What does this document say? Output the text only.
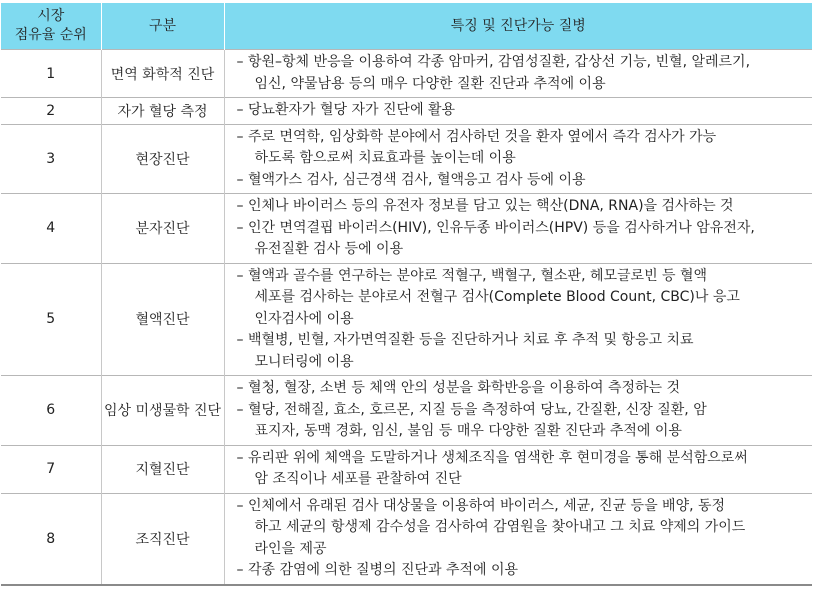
시장
점유율 순위	구분	특징 및 진단가능 질병
1	면역 화학적 진단	– 항원–항체 반응을 이용하여 각종 암마커, 감염성질환, 갑상선 기능, 빈혈, 알레르기,
임신, 약물남용 등의 매우 다양한 질환 진단과 추적에 이용

2	자가 혈당 측정	– 당뇨환자가 혈당 자가 진단에 활용

3	현장진단	– 주로 면역학, 임상화학 분야에서 검사하던 것을 환자 옆에서 즉각 검사가 가능
하도록 함으로써 치료효과를 높이는데 이용
– 혈액가스 검사, 심근경색 검사, 혈액응고 검사 등에 이용

4	분자진단	– 인체나 바이러스 등의 유전자 정보를 담고 있는 핵산(DNA, RNA)을 검사하는 것
– 인간 면역결핍 바이러스(HIV), 인유두종 바이러스(HPV) 등을 검사하거나 암유전자,
유전질환 검사 등에 이용

5	혈액진단	– 혈액과 골수를 연구하는 분야로 적혈구, 백혈구, 혈소판, 헤모글로빈 등 혈액
세포를 검사하는 분야로서 전혈구 검사(Complete Blood Count, CBC)나 응고
인자검사에 이용
– 백혈병, 빈혈, 자가면역질환 등을 진단하거나 치료 후 추적 및 항응고 치료
모니터링에 이용

6	임상 미생물학 진단	– 혈청, 혈장, 소변 등 체액 안의 성분을 화학반응을 이용하여 측정하는 것
– 혈당, 전해질, 효소, 호르몬, 지질 등을 측정하여 당뇨, 간질환, 신장 질환, 암
표지자, 동맥 경화, 임신, 불임 등 매우 다양한 질환 진단과 추적에 이용

7	지혈진단	– 유리판 위에 체액을 도말하거나 생체조직을 염색한 후 현미경을 통해 분석함으로써
암 조직이나 세포를 관찰하여 진단

8	조직진단	– 인체에서 유래된 검사 대상물을 이용하여 바이러스, 세균, 진균 등을 배양, 동정
하고 세균의 항생제 감수성을 검사하여 감염원을 찾아내고 그 치료 약제의 가이드
라인을 제공
– 각종 감염에 의한 질병의 진단과 추적에 이용
